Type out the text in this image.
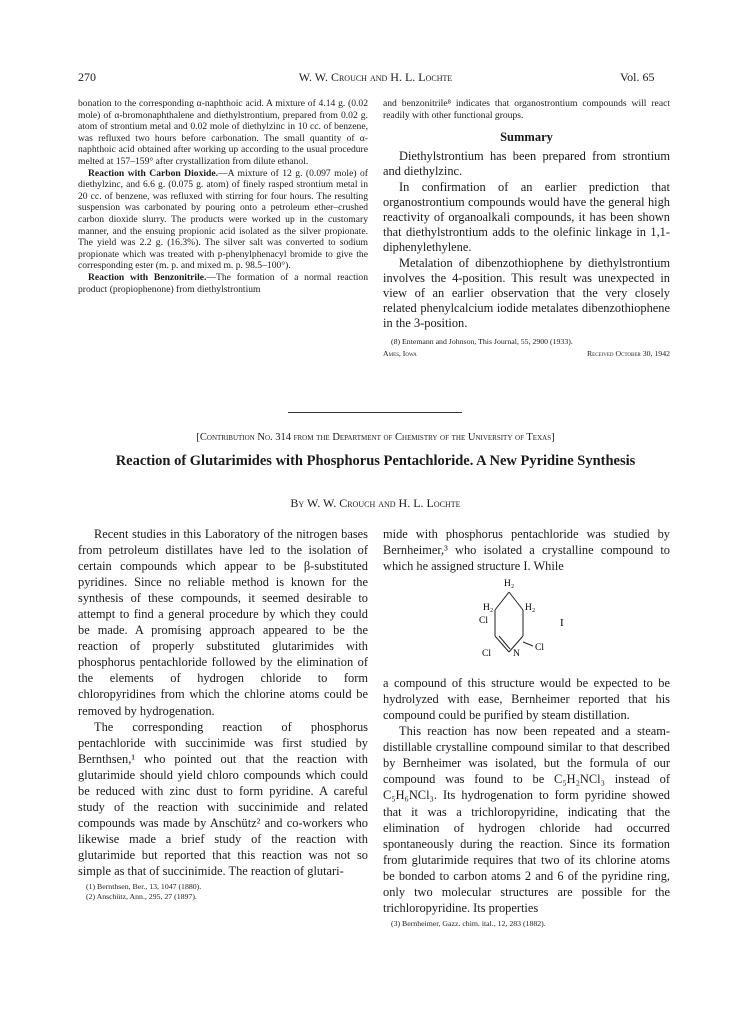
270	W. W. Crouch and H. L. Lochte	Vol. 65

bonation to the corresponding α-naphthoic acid. A mixture of 4.14 g. (0.02 mole) of α-bromonaphthalene and diethylstrontium, prepared from 0.02 g. atom of strontium metal and 0.02 mole of diethylzinc in 10 cc. of benzene, was refluxed two hours before carbonation. The small quantity of α-naphthoic acid obtained after working up according to the usual procedure melted at 157–159° after crystallization from dilute ethanol.

Reaction with Carbon Dioxide.—A mixture of 12 g. (0.097 mole) of diethylzinc, and 6.6 g. (0.075 g. atom) of finely rasped strontium metal in 20 cc. of benzene, was refluxed with stirring for four hours. The resulting suspension was carbonated by pouring onto a petroleum ether–crushed carbon dioxide slurry. The products were worked up in the customary manner, and the ensuing propionic acid isolated as the silver propionate. The yield was 2.2 g. (16.3%). The silver salt was converted to sodium propionate which was treated with p-phenylphenacyl bromide to give the corresponding ester (m. p. and mixed m. p. 98.5–100°).

Reaction with Benzonitrile.—The formation of a normal reaction product (propiophenone) from diethylstrontium

and benzonitrile⁸ indicates that organostrontium compounds will react readily with other functional groups.
Summary

Diethylstrontium has been prepared from strontium and diethylzinc.

In confirmation of an earlier prediction that organostrontium compounds would have the general high reactivity of organoalkali compounds, it has been shown that diethylstrontium adds to the olefinic linkage in 1,1-diphenylethylene.

Metalation of dibenzothiophene by diethylstrontium involves the 4-position. This result was unexpected in view of an earlier observation that the very closely related phenylcalcium iodide metalates dibenzothiophene in the 3-position.

(8) Entemann and Johnson, This Journal, 55, 2900 (1933).
Ames, Iowa	Received October 30, 1942
[Contribution No. 314 from the Department of Chemistry of the University of Texas]
Reaction of Glutarimides with Phosphorus Pentachloride. A New Pyridine Synthesis
By W. W. Crouch and H. L. Lochte

Recent studies in this Laboratory of the nitrogen bases from petroleum distillates have led to the isolation of certain compounds which appear to be β-substituted pyridines. Since no reliable method is known for the synthesis of these compounds, it seemed desirable to attempt to find a general procedure by which they could be made. A promising approach appeared to be the reaction of properly substituted glutarimides with phosphorus pentachloride followed by the elimination of the elements of hydrogen chloride to form chloropyridines from which the chlorine atoms could be removed by hydrogenation.

The corresponding reaction of phosphorus pentachloride with succinimide was first studied by Bernthsen,¹ who pointed out that the reaction with glutarimide should yield chloro compounds which could be reduced with zinc dust to form pyridine. A careful study of the reaction with succinimide and related compounds was made by Anschütz² and co-workers who likewise made a brief study of the reaction with glutarimide but reported that this reaction was not so simple as that of succinimide. The reaction of glutari-

(1) Bernthsen, Ber., 13, 1047 (1880).
(2) Anschütz, Ann., 295, 27 (1897).
mide with phosphorus pentachloride was studied by Bernheimer,³ who isolated a crystalline compound to which he assigned structure I. While
H₂
H₂	H₂
Cl
Cl N
Cl
I
a compound of this structure would be expected to be hydrolyzed with ease, Bernheimer reported that his compound could be purified by steam distillation.

This reaction has now been repeated and a steam-distillable crystalline compound similar to that described by Bernheimer was isolated, but the formula of our compound was found to be C₅H₂NCl₃ instead of C₅H₆NCl₃. Its hydrogenation to form pyridine showed that it was a trichloropyridine, indicating that the elimination of hydrogen chloride had occurred spontaneously during the reaction. Since its formation from glutarimide requires that two of its chlorine atoms be bonded to carbon atoms 2 and 6 of the pyridine ring, only two molecular structures are possible for the trichloropyridine. Its properties

(3) Bernheimer, Gazz. chim. ital., 12, 283 (1882).
